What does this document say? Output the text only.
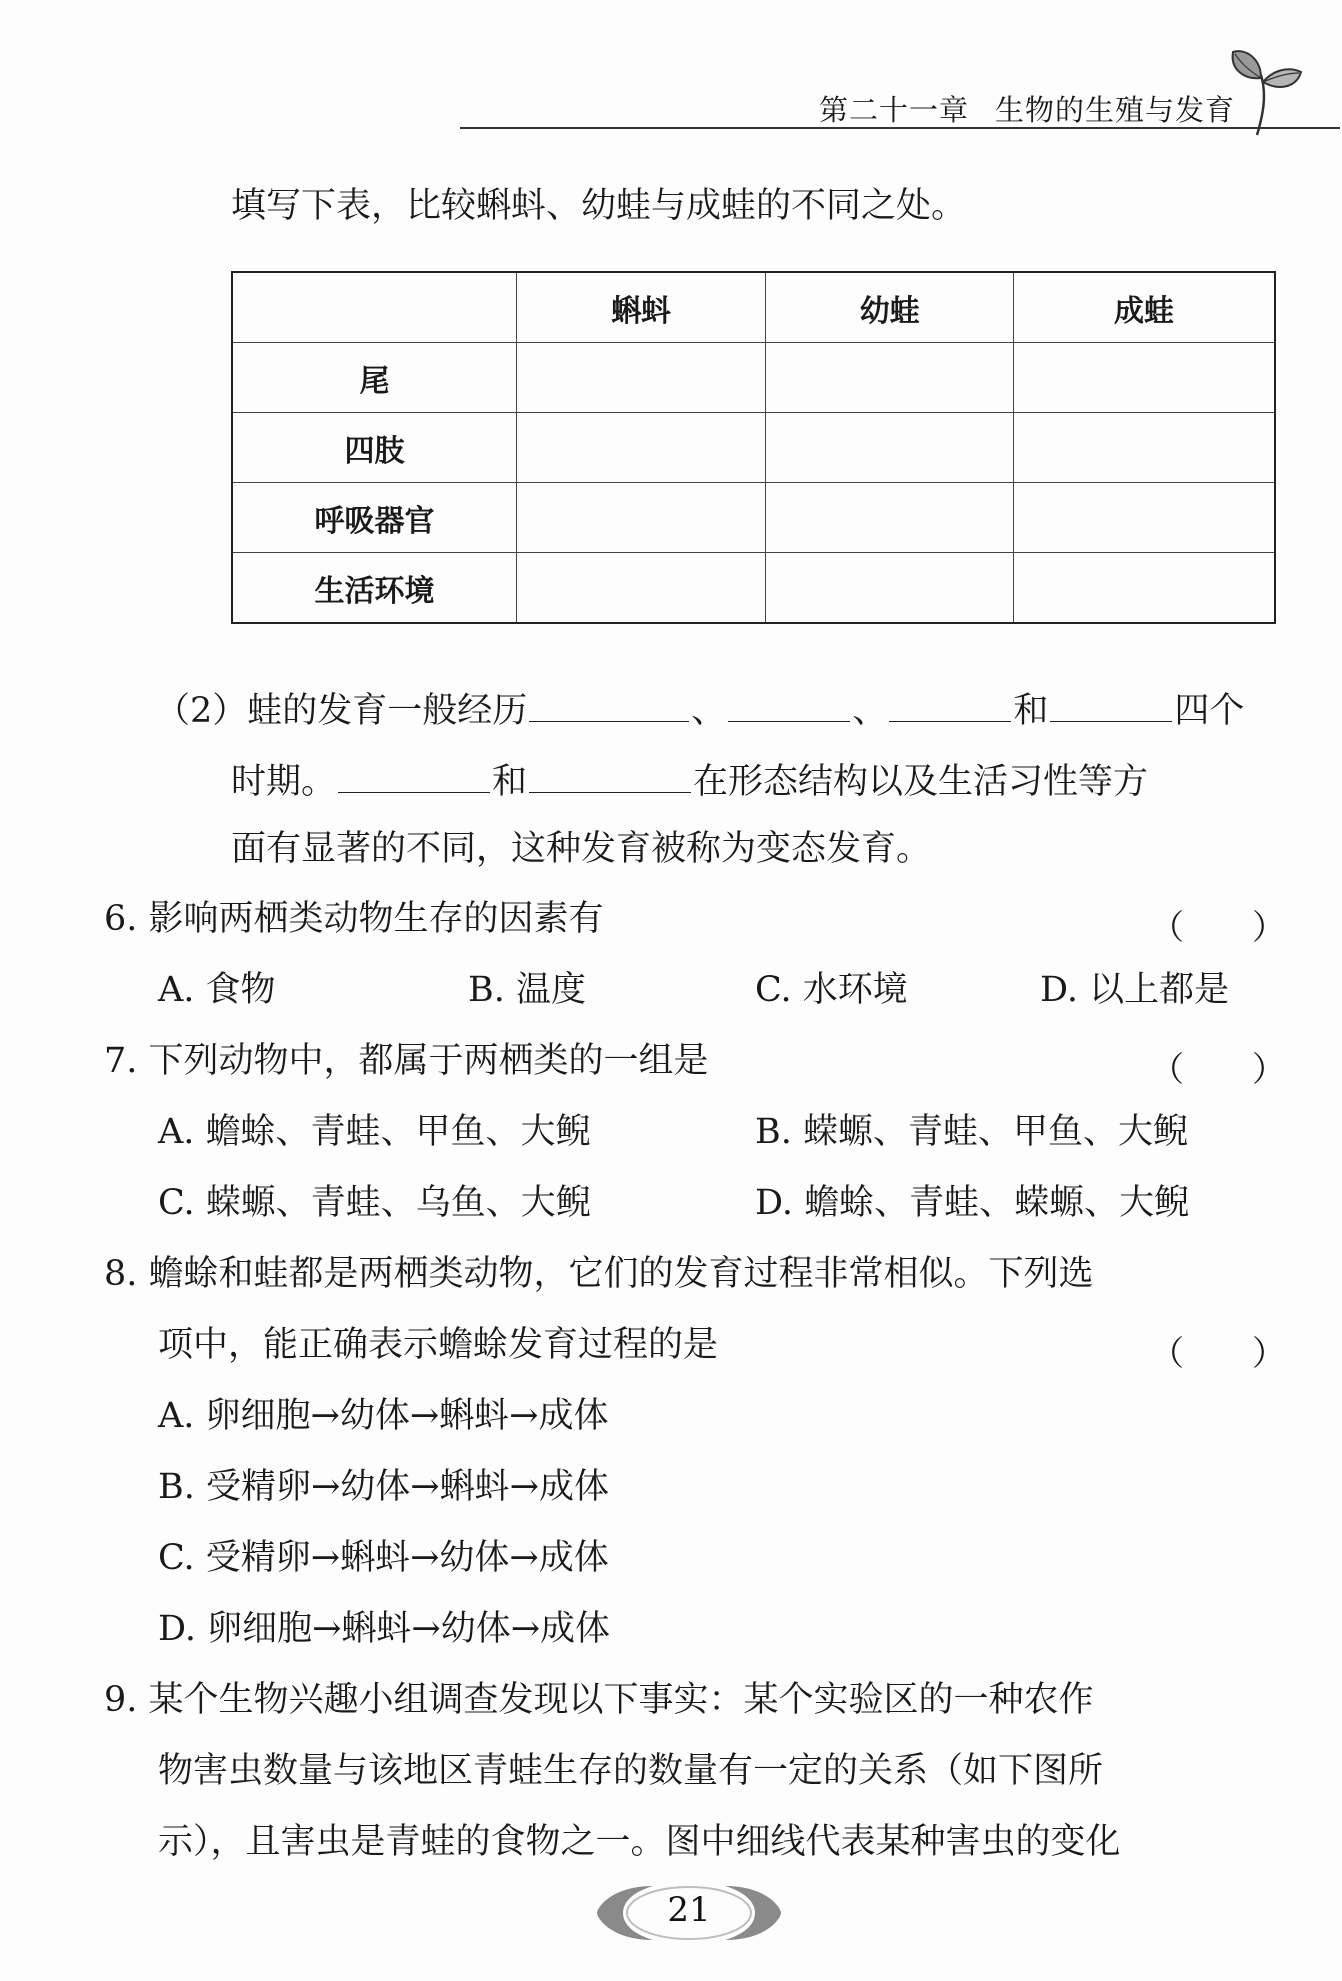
第二十一章 生物的生殖与发育
填写下表，比较蝌蚪、幼蛙与成蛙的不同之处。
	蝌蚪	幼蛙	成蛙
尾			
四肢			
呼吸器官			
生活环境			
（2）蛙的发育一般经历	、	、	和	四个
时期。	和	在形态结构以及生活习性等方
面有显著的不同，这种发育被称为变态发育。
6. 影响两栖类动物生存的因素有	（　　）
A. 食物	B. 温度	C. 水环境	D. 以上都是
7. 下列动物中，都属于两栖类的一组是	（　　）
A. 蟾蜍、青蛙、甲鱼、大鲵	B. 蝾螈、青蛙、甲鱼、大鲵
C. 蝾螈、青蛙、乌鱼、大鲵	D. 蟾蜍、青蛙、蝾螈、大鲵
8. 蟾蜍和蛙都是两栖类动物，它们的发育过程非常相似。下列选
项中，能正确表示蟾蜍发育过程的是	（　　）
A. 卵细胞→幼体→蝌蚪→成体
B. 受精卵→幼体→蝌蚪→成体
C. 受精卵→蝌蚪→幼体→成体
D. 卵细胞→蝌蚪→幼体→成体
9. 某个生物兴趣小组调查发现以下事实：某个实验区的一种农作
物害虫数量与该地区青蛙生存的数量有一定的关系（如下图所
示），且害虫是青蛙的食物之一。图中细线代表某种害虫的变化
21
